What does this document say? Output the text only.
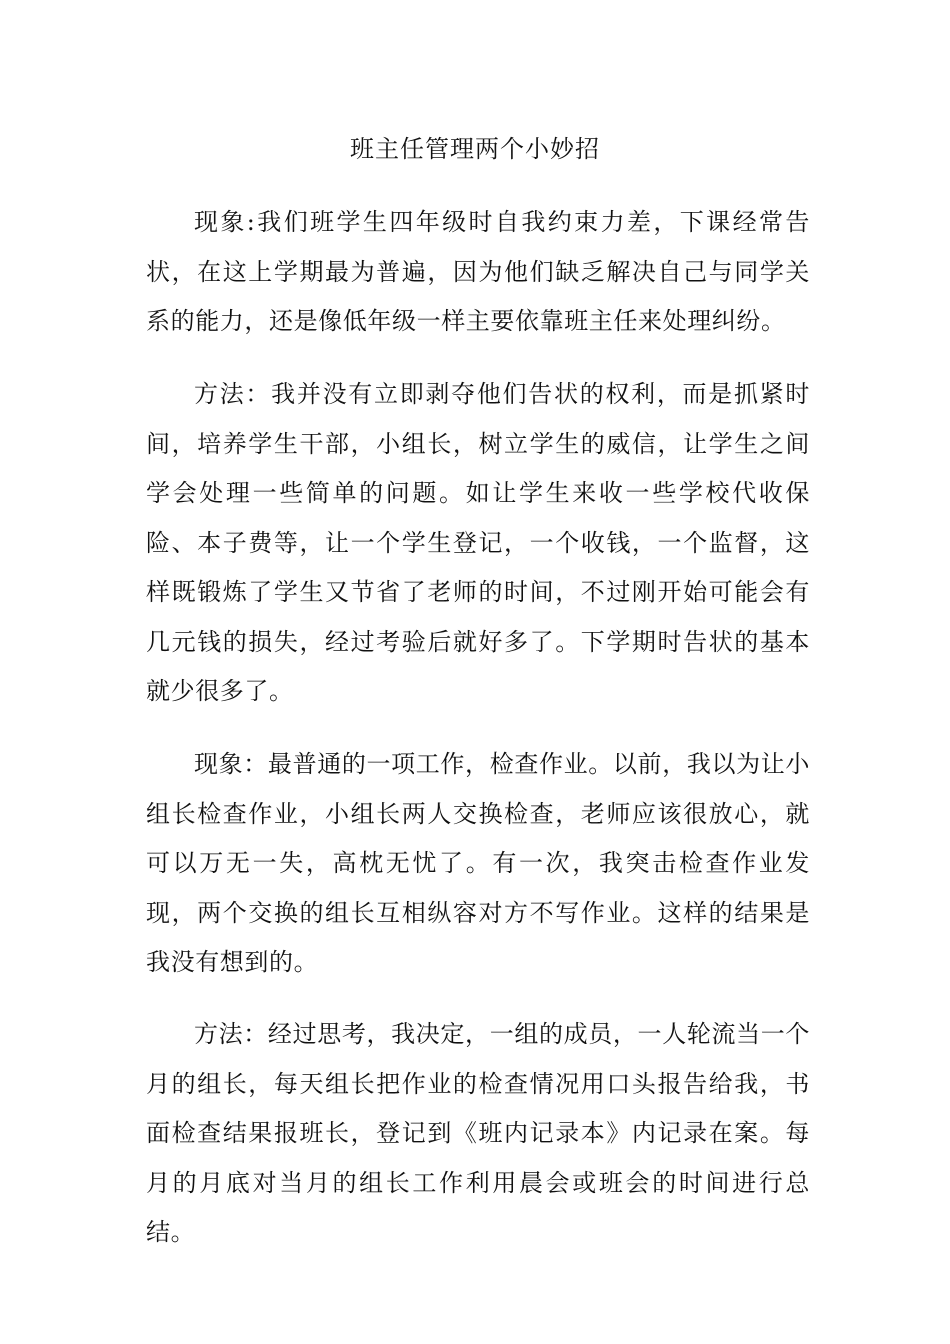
班主任管理两个小妙招

现象:我们班学生四年级时自我约束力差，下课经常告状，在这上学期最为普遍，因为他们缺乏解决自己与同学关系的能力，还是像低年级一样主要依靠班主任来处理纠纷。

方法：我并没有立即剥夺他们告状的权利，而是抓紧时间，培养学生干部，小组长，树立学生的威信，让学生之间学会处理一些简单的问题。如让学生来收一些学校代收保险、本子费等，让一个学生登记，一个收钱，一个监督，这样既锻炼了学生又节省了老师的时间，不过刚开始可能会有几元钱的损失，经过考验后就好多了。下学期时告状的基本就少很多了。

现象：最普通的一项工作，检查作业。以前，我以为让小组长检查作业，小组长两人交换检查，老师应该很放心，就可以万无一失，高枕无忧了。有一次，我突击检查作业发现，两个交换的组长互相纵容对方不写作业。这样的结果是我没有想到的。

方法：经过思考，我决定，一组的成员，一人轮流当一个月的组长，每天组长把作业的检查情况用口头报告给我，书面检查结果报班长，登记到《班内记录本》内记录在案。每月的月底对当月的组长工作利用晨会或班会的时间进行总结。
